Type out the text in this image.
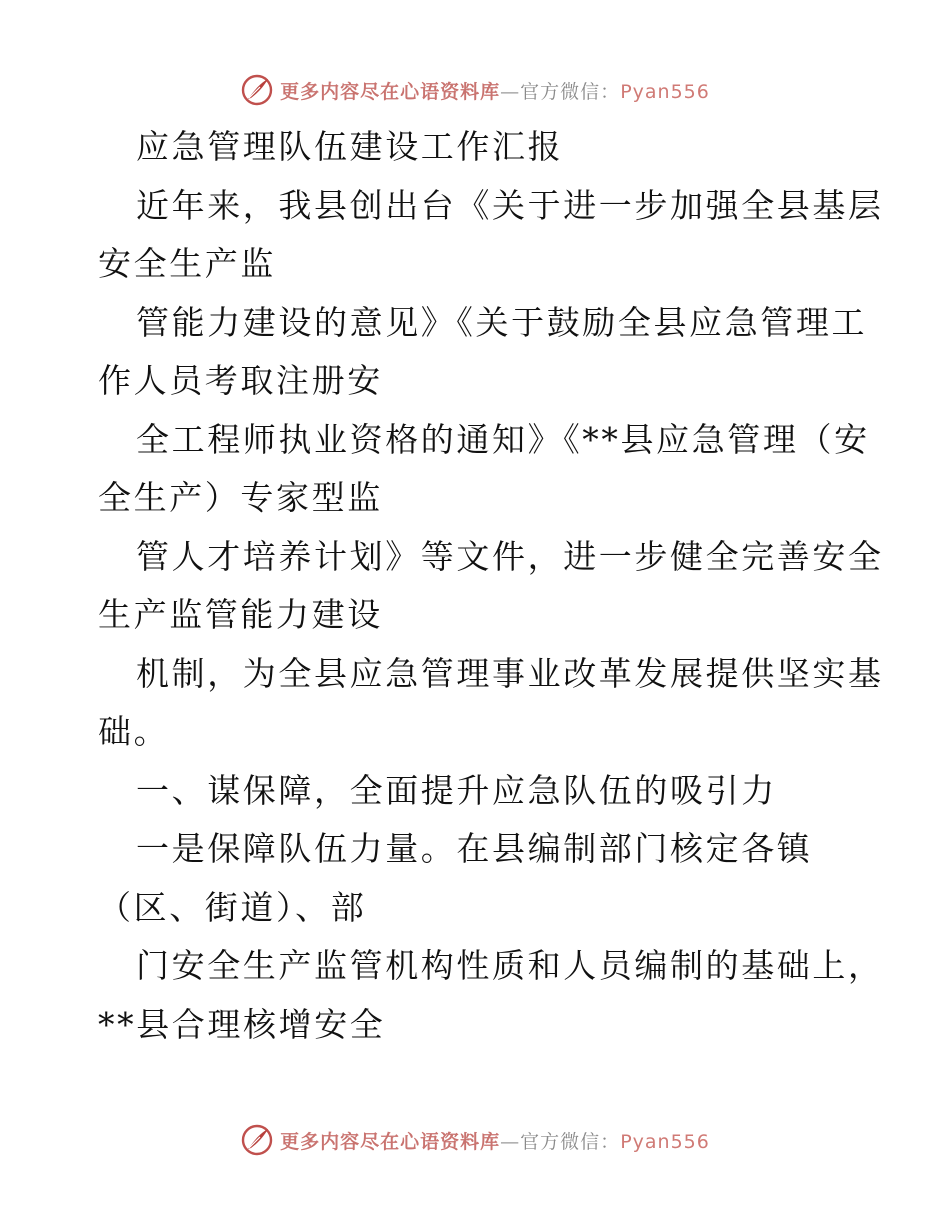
更多内容尽在心语资料库—官方微信：Pyan556
应急管理队伍建设工作汇报
近年来，我县创出台《关于进一步加强全县基层
安全生产监
管能力建设的意见》《关于鼓励全县应急管理工
作人员考取注册安
全工程师执业资格的通知》《**县应急管理（安
全生产）专家型监
管人才培养计划》等文件，进一步健全完善安全
生产监管能力建设
机制，为全县应急管理事业改革发展提供坚实基
础。
一、谋保障，全面提升应急队伍的吸引力
一是保障队伍力量。在县编制部门核定各镇
（区、街道）、部
门安全生产监管机构性质和人员编制的基础上，
**县合理核增安全
更多内容尽在心语资料库—官方微信：Pyan556
